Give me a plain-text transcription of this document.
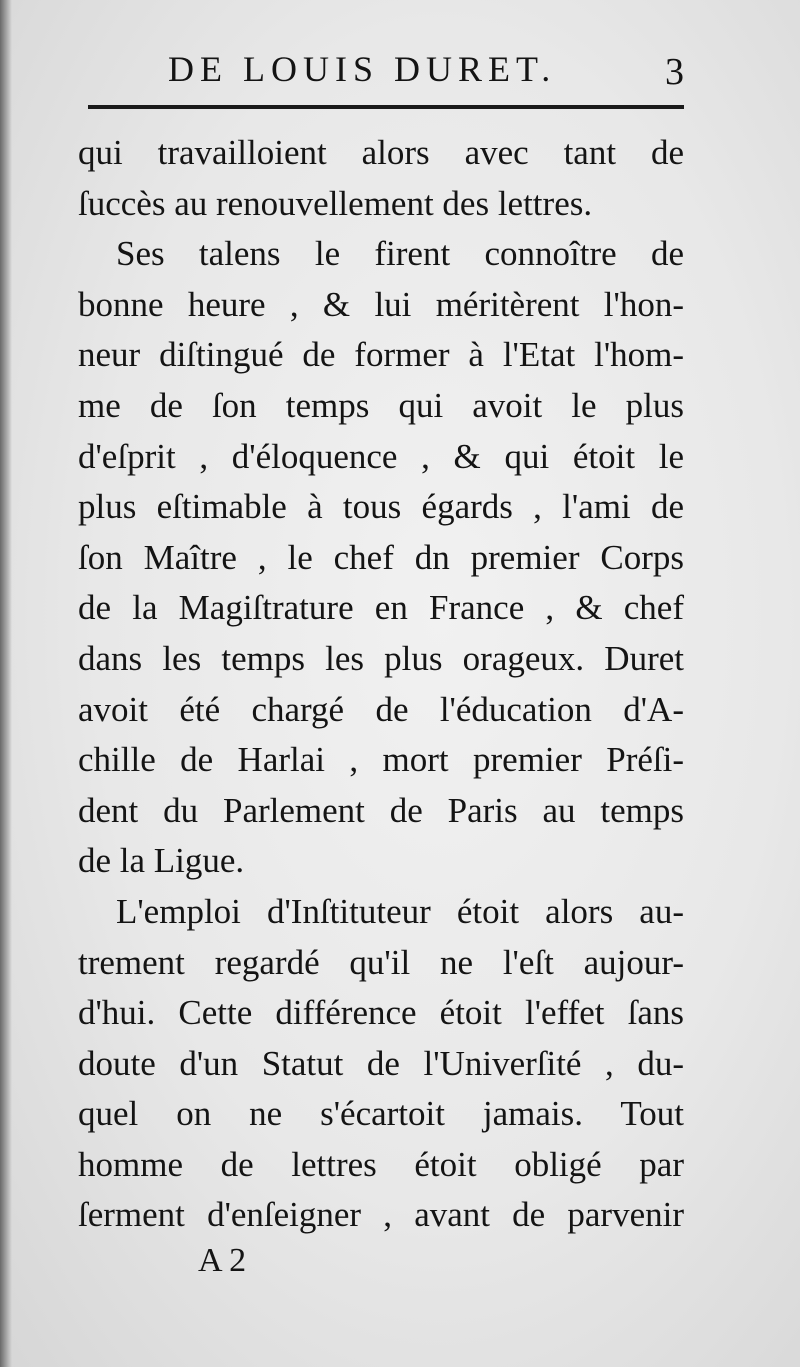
DE LOUIS DURET.	3
qui travailloient alors avec tant de
ſuccès au renouvellement des lettres.
Ses talens le firent connoître de
bonne heure , & lui méritèrent l'hon-
neur diſtingué de former à l'Etat l'hom-
me de ſon temps qui avoit le plus
d'eſprit , d'éloquence , & qui étoit le
plus eſtimable à tous égards , l'ami de
ſon Maître , le chef dn premier Corps
de la Magiſtrature en France , & chef
dans les temps les plus orageux. Duret
avoit été chargé de l'éducation d'A-
chille de Harlai , mort premier Préſi-
dent du Parlement de Paris au temps
de la Ligue.
L'emploi d'Inſtituteur étoit alors au-
trement regardé qu'il ne l'eſt aujour-
d'hui. Cette différence étoit l'effet ſans
doute d'un Statut de l'Univerſité , du-
quel on ne s'écartoit jamais. Tout
homme de lettres étoit obligé par
ſerment d'enſeigner , avant de parvenir
A 2
